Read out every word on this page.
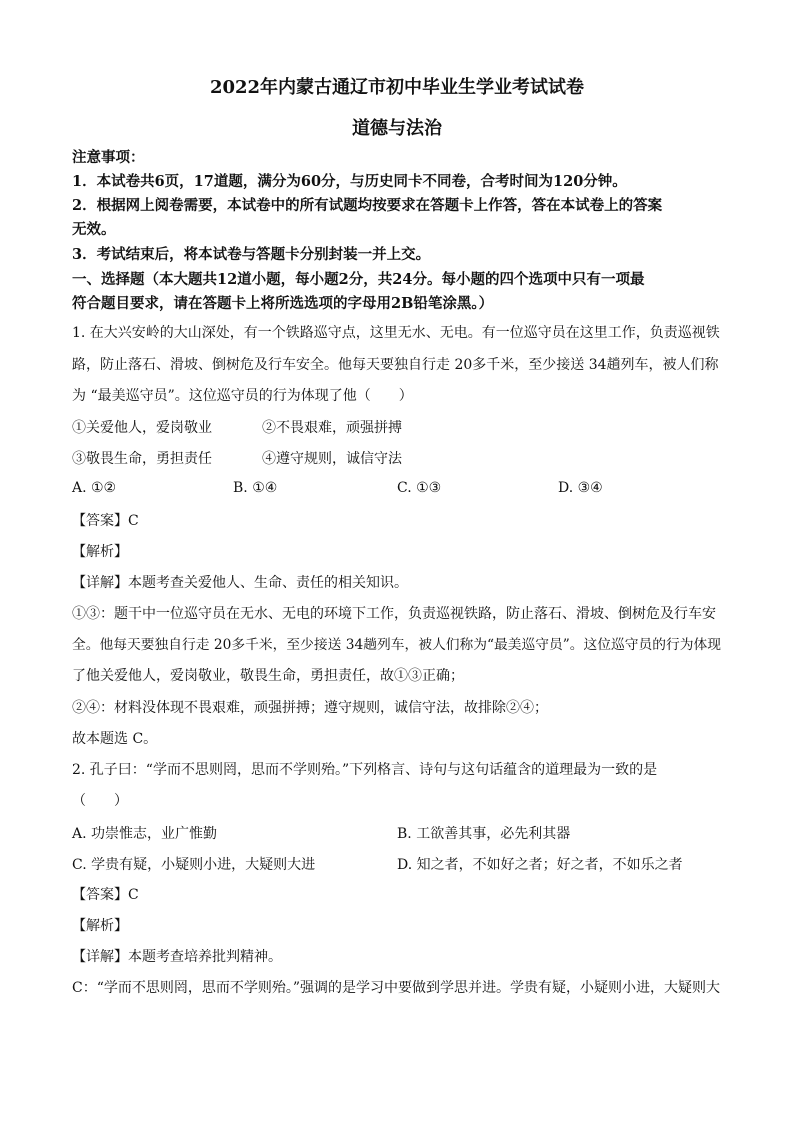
2022年内蒙古通辽市初中毕业生学业考试试卷
道德与法治
注意事项：
1．本试卷共6页，17道题，满分为60分，与历史同卡不同卷，合考时间为120分钟。
2．根据网上阅卷需要，本试卷中的所有试题均按要求在答题卡上作答，答在本试卷上的答案
无效。
3．考试结束后，将本试卷与答题卡分别封装一并上交。
一、选择题（本大题共12道小题，每小题2分，共24分。每小题的四个选项中只有一项最
符合题目要求，请在答题卡上将所选选项的字母用2B铅笔涂黑。）
1. 在大兴安岭的大山深处，有一个铁路巡守点，这里无水、无电。有一位巡守员在这里工作，负责巡视铁
路，防止落石、滑坡、倒树危及行车安全。他每天要独自行走 20多千米，至少接送 34趟列车，被人们称
为 “最美巡守员”。这位巡守员的行为体现了他（　　）
①关爱他人，爱岗敬业	②不畏艰难，顽强拼搏
③敬畏生命，勇担责任	④遵守规则，诚信守法
A. ①②	B. ①④	C. ①③	D. ③④
【答案】C
【解析】
【详解】本题考查关爱他人、生命、责任的相关知识。
①③：题干中一位巡守员在无水、无电的环境下工作，负责巡视铁路，防止落石、滑坡、倒树危及行车安
全。他每天要独自行走 20多千米，至少接送 34趟列车，被人们称为“最美巡守员”。这位巡守员的行为体现
了他关爱他人，爱岗敬业，敬畏生命，勇担责任，故①③正确；
②④：材料没体现不畏艰难，顽强拼搏；遵守规则，诚信守法，故排除②④；
故本题选 C。
2. 孔子曰：“学而不思则罔，思而不学则殆。”下列格言、诗句与这句话蕴含的道理最为一致的是
（　　）
A. 功崇惟志，业广惟勤	B. 工欲善其事，必先利其器
C. 学贵有疑，小疑则小进，大疑则大进	D. 知之者，不如好之者；好之者，不如乐之者
【答案】C
【解析】
【详解】本题考查培养批判精神。
C：“学而不思则罔，思而不学则殆。”强调的是学习中要做到学思并进。学贵有疑，小疑则小进，大疑则大
